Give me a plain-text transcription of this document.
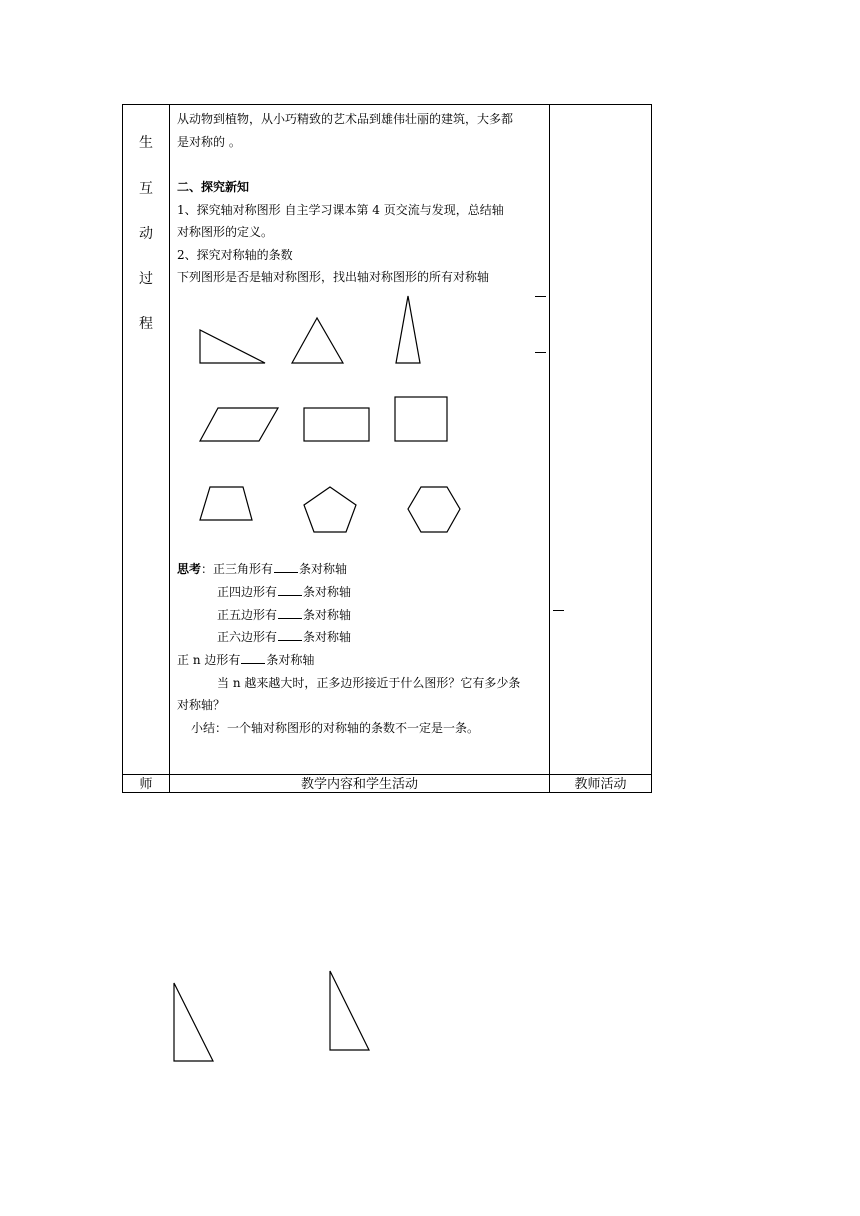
生
互
动
过
程
从动物到植物，从小巧精致的艺术品到雄伟壮丽的建筑，大多都
是对称的 。
二、探究新知
1、探究轴对称图形 自主学习课本第 4 页交流与发现，总结轴
对称图形的定义。
2、探究对称轴的条数
下列图形是否是轴对称图形，找出轴对称图形的所有对称轴
思考：正三角形有 条对称轴
正四边形有 条对称轴
正五边形有 条对称轴
正六边形有 条对称轴
正 n 边形有 条对称轴
当 n 越来越大时，正多边形接近于什么图形？它有多少条
对称轴？
小结：一个轴对称图形的对称轴的条数不一定是一条。
师	教学内容和学生活动	教师活动
